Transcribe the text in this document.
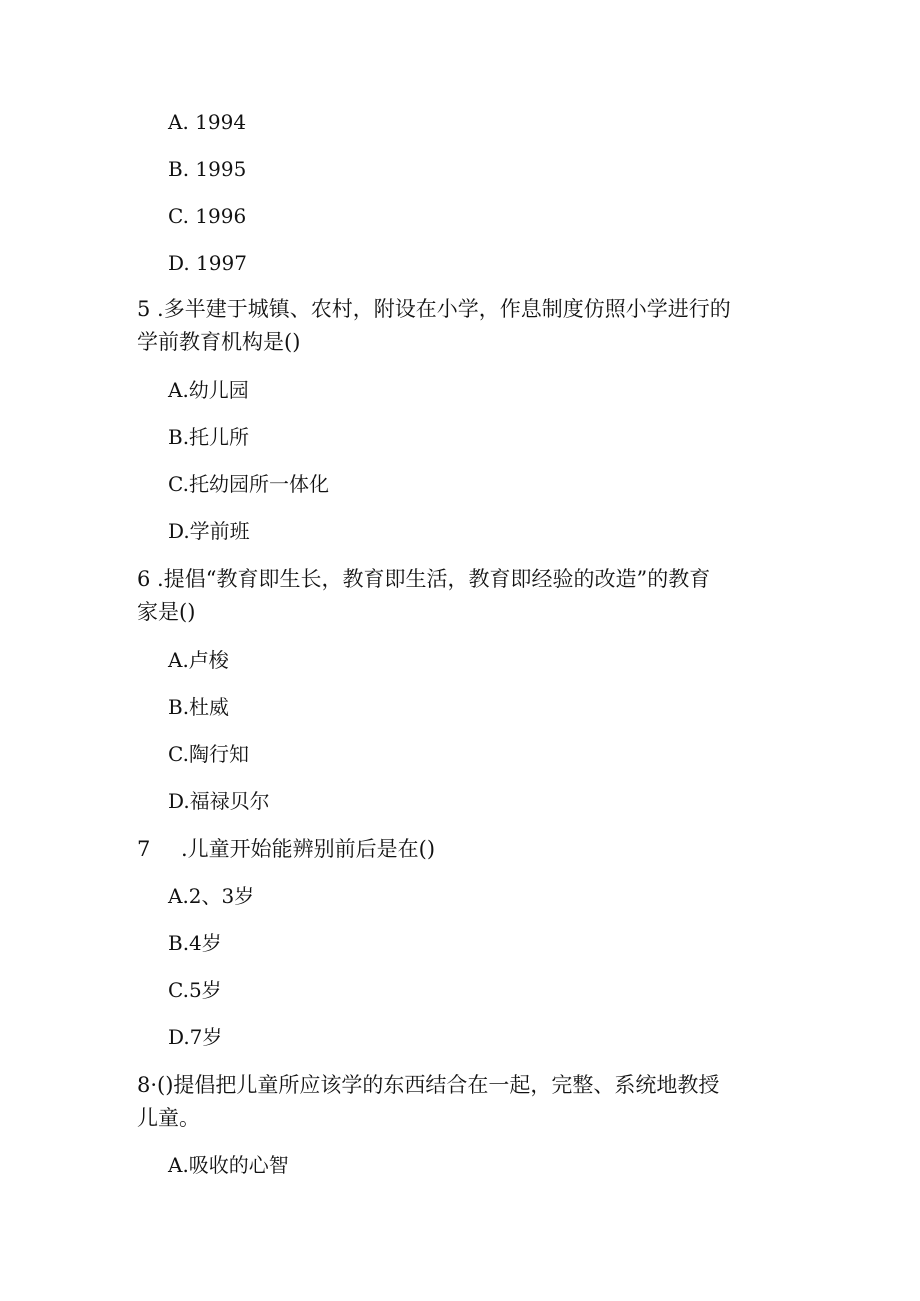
A. 1994
B. 1995
C. 1996
D. 1997
5 .多半建于城镇、农村，附设在小学，作息制度仿照小学进行的
学前教育机构是()
A.幼儿园
B.托儿所
C.托幼园所一体化
D.学前班
6 .提倡“教育即生长，教育即生活，教育即经验的改造”的教育
家是()
A.卢梭
B.杜威
C.陶行知
D.福禄贝尔
7 .儿童开始能辨别前后是在()
A.2、3岁
B.4岁
C.5岁
D.7岁
8·()提倡把儿童所应该学的东西结合在一起，完整、系统地教授
儿童。
A.吸收的心智
